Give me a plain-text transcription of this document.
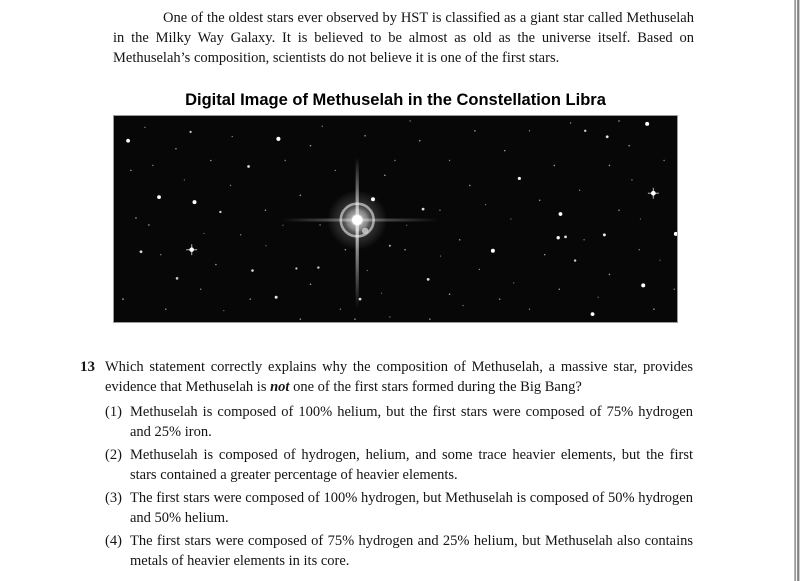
One of the oldest stars ever observed by HST is classified as a giant star called Methuselah in the Milky Way Galaxy. It is believed to be almost as old as the universe itself. Based on Methuselah’s composition, scientists do not believe it is one of the first stars.

Digital Image of Methuselah in the Constellation Libra
13 Which statement correctly explains why the composition of Methuselah, a massive star, provides evidence that Methuselah is not one of the first stars formed during the Big Bang?
(1) Methuselah is composed of 100% helium, but the first stars were composed of 75% hydrogen and 25% iron.
(2) Methuselah is composed of hydrogen, helium, and some trace heavier elements, but the first stars contained a greater percentage of heavier elements.
(3) The first stars were composed of 100% hydrogen, but Methuselah is composed of 50% hydrogen and 50% helium.
(4) The first stars were composed of 75% hydrogen and 25% helium, but Methuselah also contains metals of heavier elements in its core.
